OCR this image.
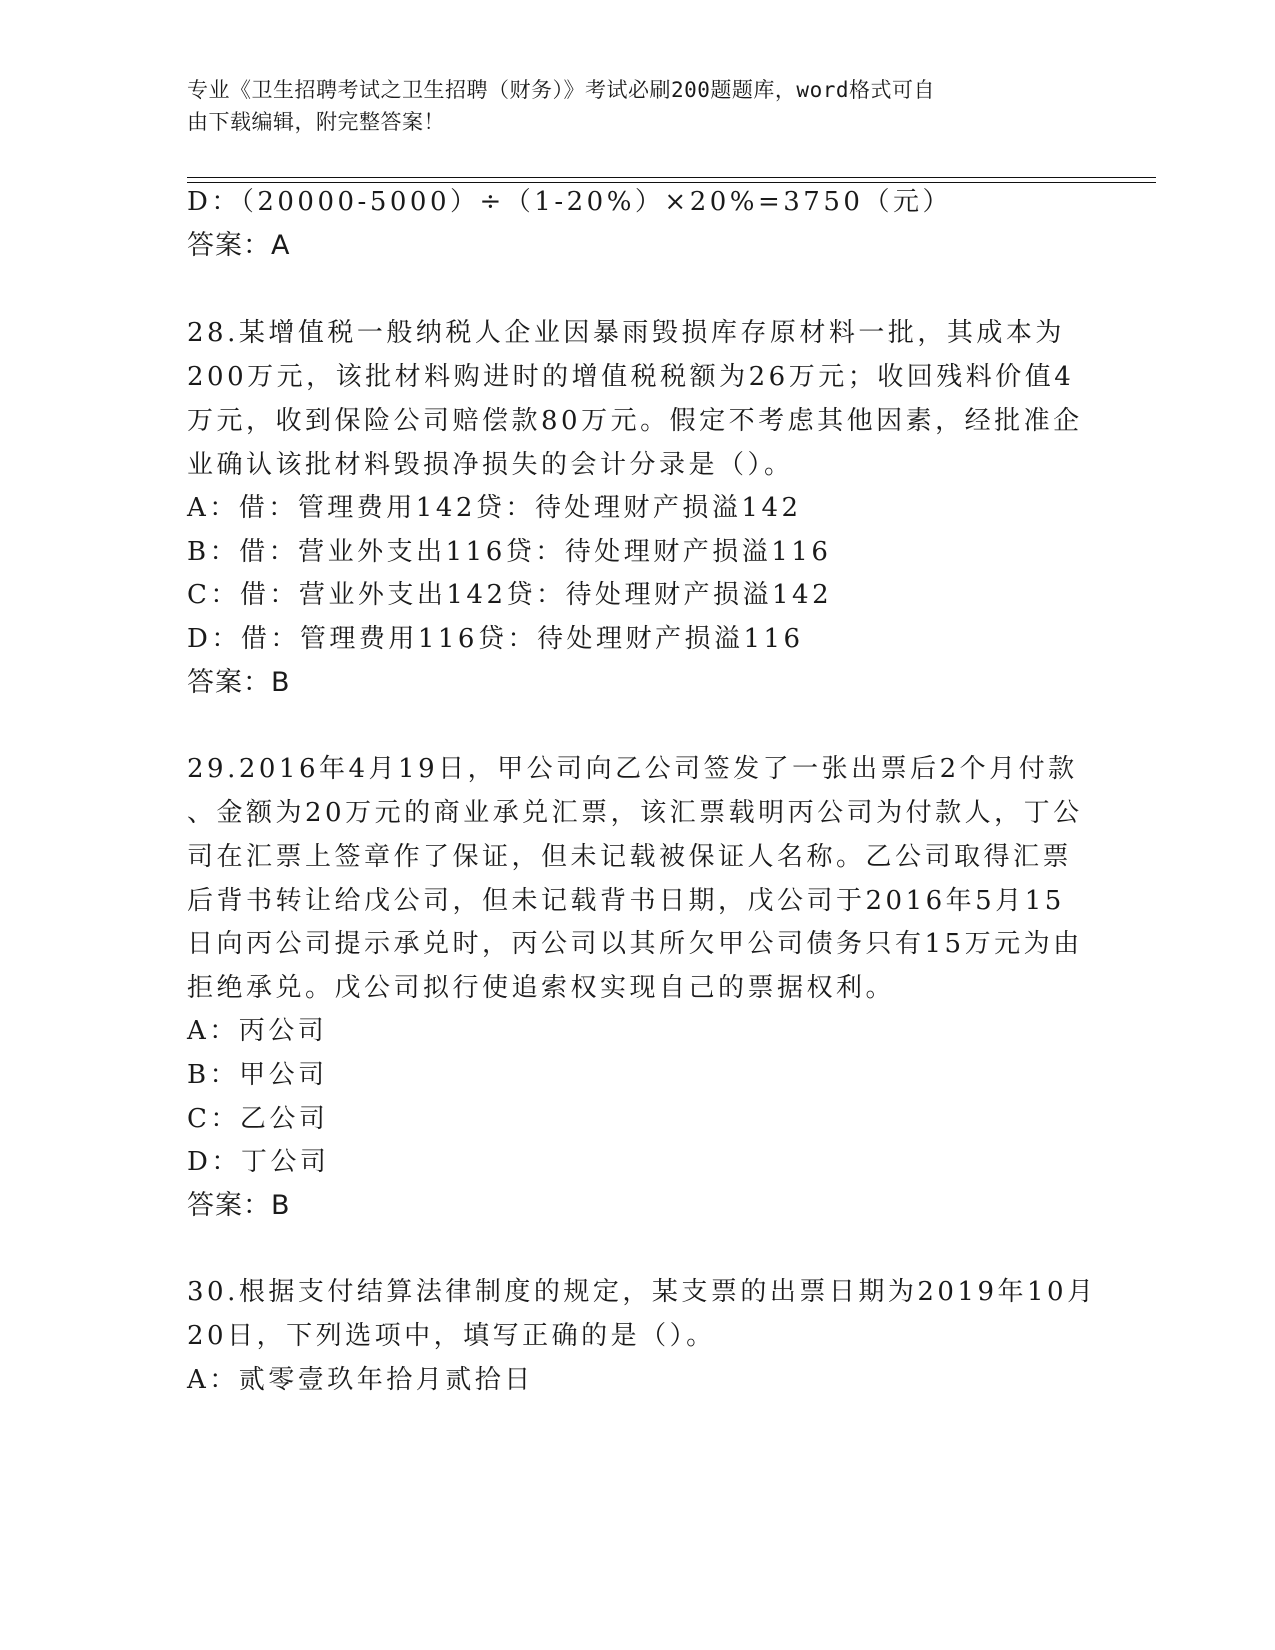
专业《卫生招聘考试之卫生招聘（财务）》考试必刷200题题库，word格式可自
由下载编辑，附完整答案！
D：（20000-5000）÷（1-20%）×20%=3750（元）
答案：A
28.某增值税一般纳税人企业因暴雨毁损库存原材料一批，其成本为
200万元，该批材料购进时的增值税税额为26万元；收回残料价值4
万元，收到保险公司赔偿款80万元。假定不考虑其他因素，经批准企
业确认该批材料毁损净损失的会计分录是（）。
A：借：管理费用142贷：待处理财产损溢142
B：借：营业外支出116贷：待处理财产损溢116
C：借：营业外支出142贷：待处理财产损溢142
D：借：管理费用116贷：待处理财产损溢116
答案：B
29.2016年4月19日，甲公司向乙公司签发了一张出票后2个月付款
、金额为20万元的商业承兑汇票，该汇票载明丙公司为付款人，丁公
司在汇票上签章作了保证，但未记载被保证人名称。乙公司取得汇票
后背书转让给戊公司，但未记载背书日期，戊公司于2016年5月15
日向丙公司提示承兑时，丙公司以其所欠甲公司债务只有15万元为由
拒绝承兑。戊公司拟行使追索权实现自己的票据权利。
A：丙公司
B：甲公司
C：乙公司
D：丁公司
答案：B
30.根据支付结算法律制度的规定，某支票的出票日期为2019年10月
20日，下列选项中，填写正确的是（）。
A：贰零壹玖年拾月贰拾日
